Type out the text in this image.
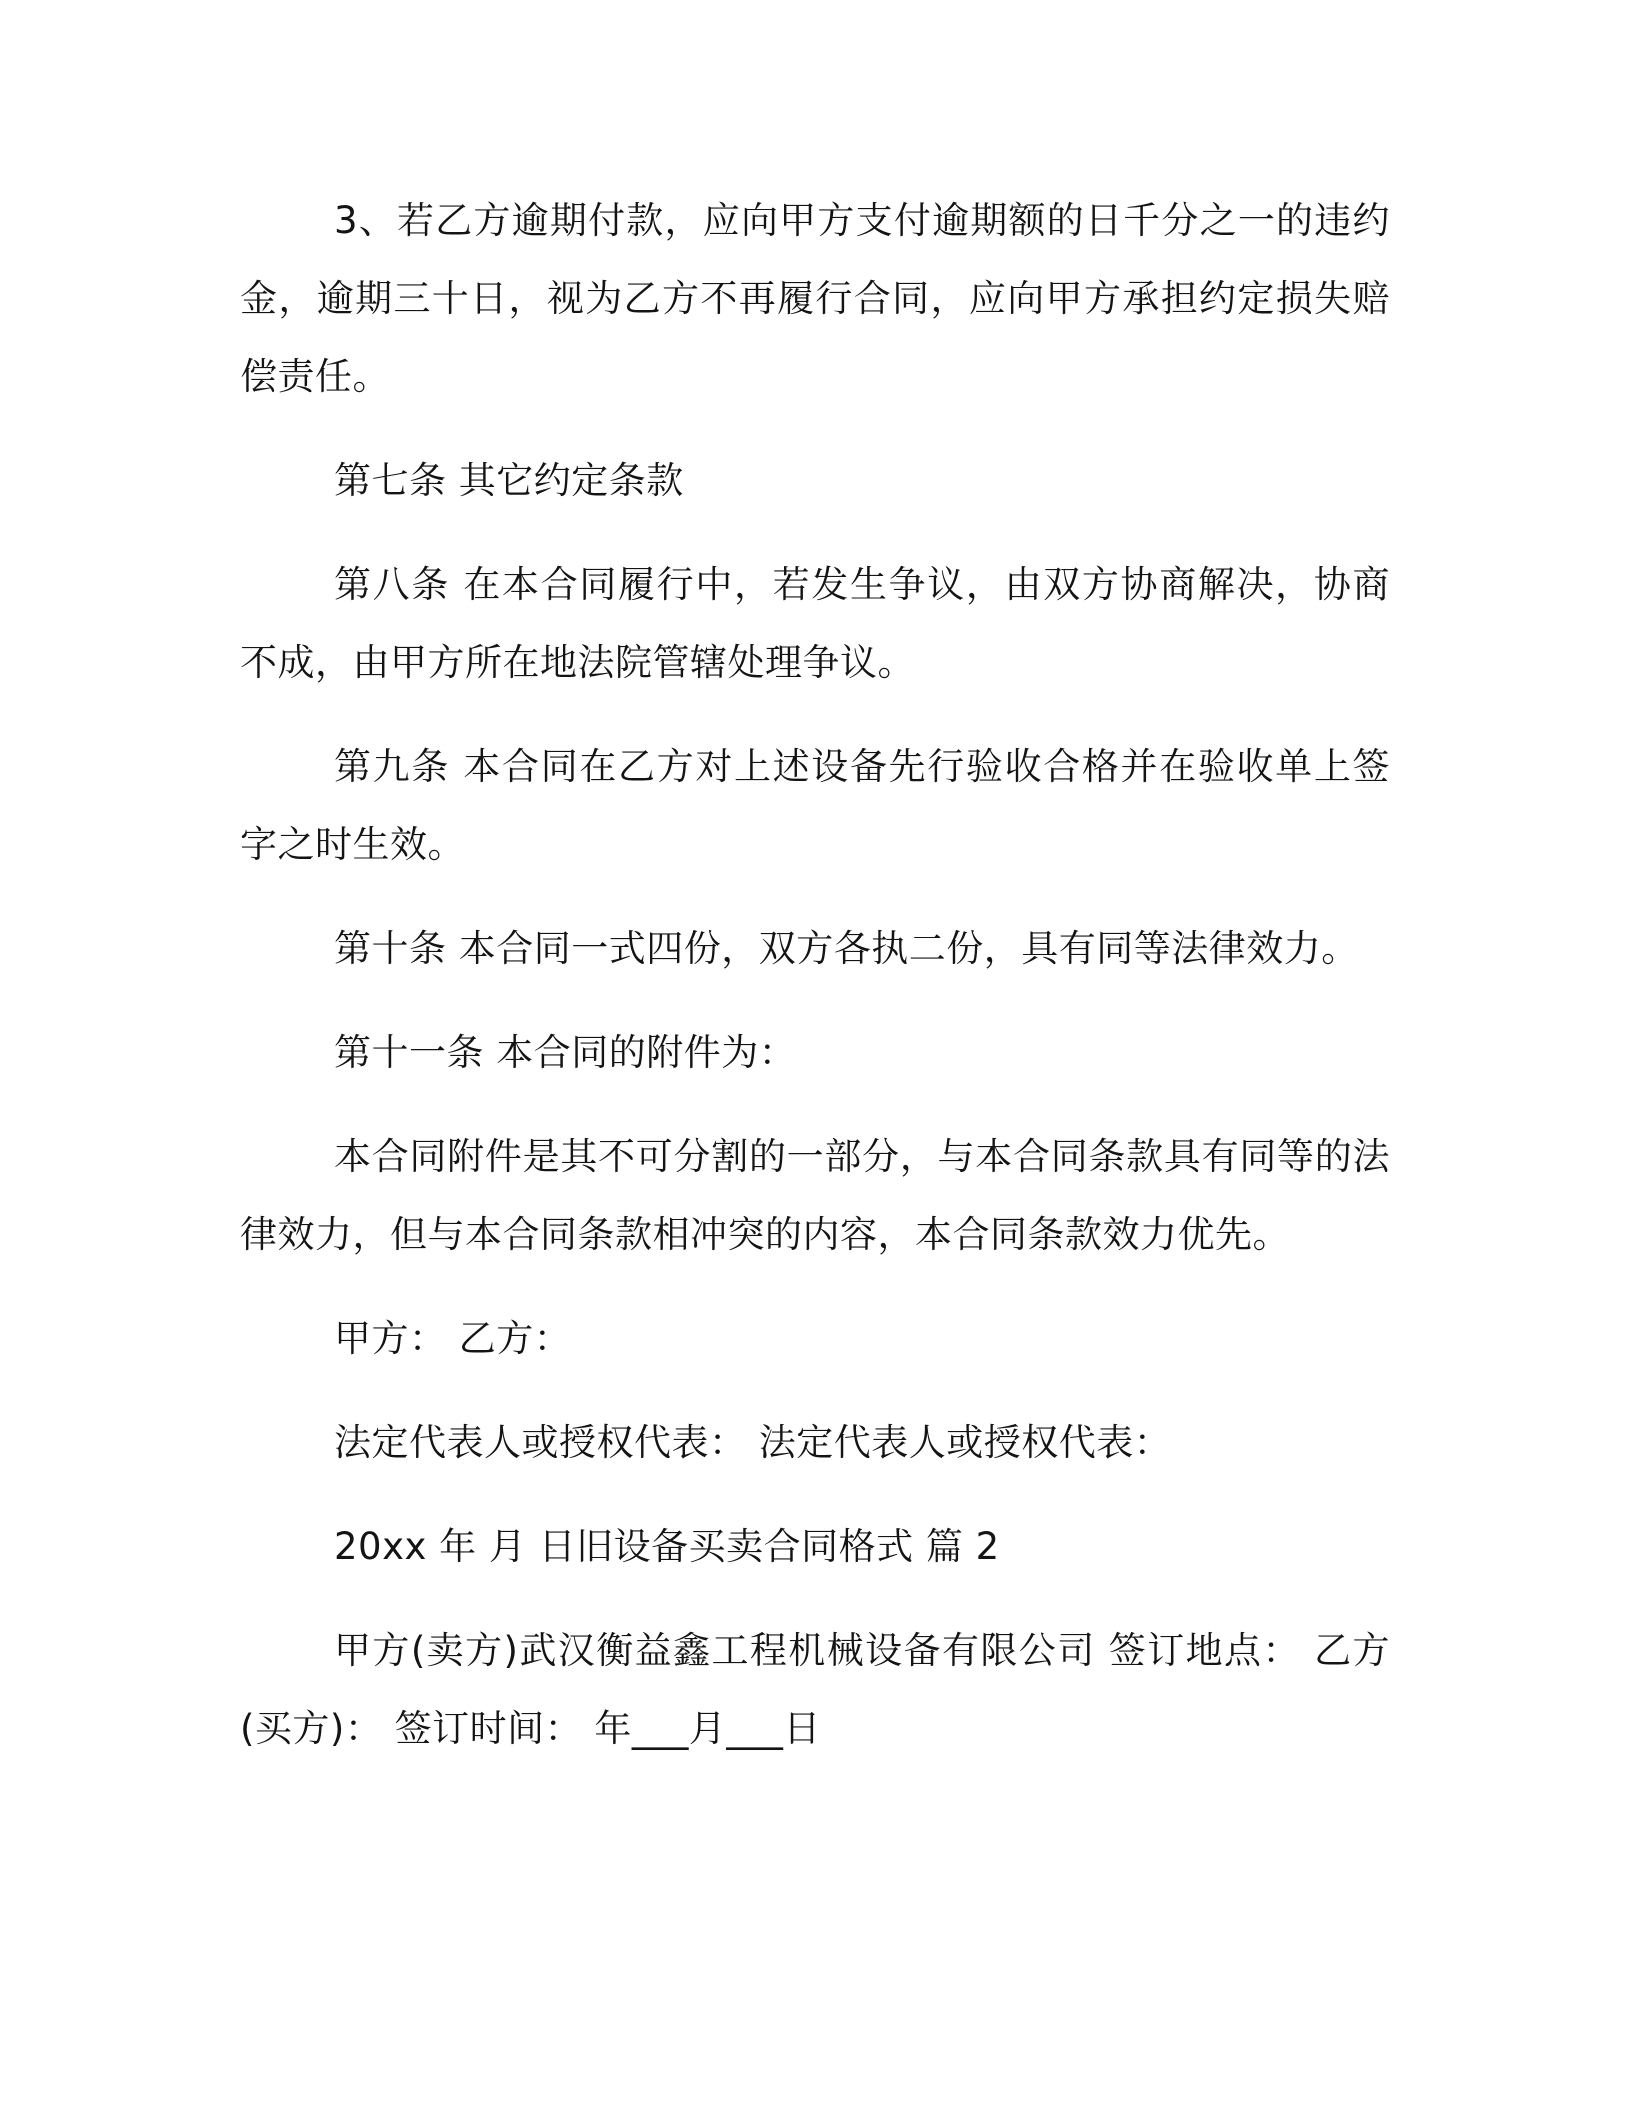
3、若乙方逾期付款，应向甲方支付逾期额的日千分之一的违约金，逾期三十日，视为乙方不再履行合同，应向甲方承担约定损失赔偿责任。

第七条 其它约定条款

第八条 在本合同履行中，若发生争议，由双方协商解决，协商不成，由甲方所在地法院管辖处理争议。

第九条 本合同在乙方对上述设备先行验收合格并在验收单上签字之时生效。

第十条 本合同一式四份，双方各执二份，具有同等法律效力。

第十一条 本合同的附件为：

本合同附件是其不可分割的一部分，与本合同条款具有同等的法律效力，但与本合同条款相冲突的内容，本合同条款效力优先。

甲方： 乙方：

法定代表人或授权代表： 法定代表人或授权代表：

20xx 年 月 日旧设备买卖合同格式 篇 2

甲方(卖方)武汉衡益鑫工程机械设备有限公司 签订地点： 乙方(买方)： 签订时间： 年___月___日
